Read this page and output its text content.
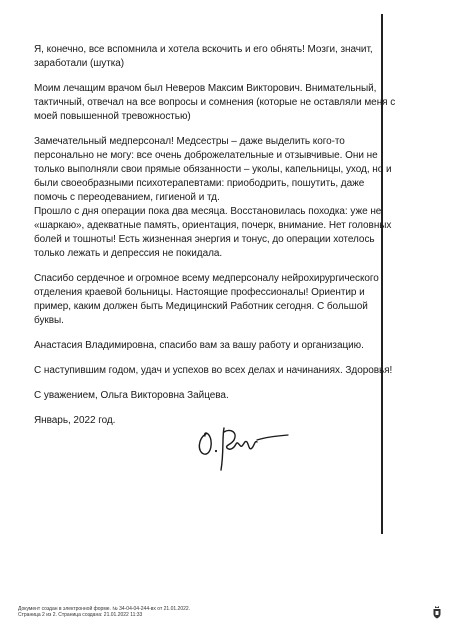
Я, конечно, все вспомнила и хотела вскочить и его обнять! Мозги, значит,
заработали (шутка)

Моим лечащим врачом был Неверов Максим Викторович. Внимательный,
тактичный, отвечал на все вопросы и сомнения (которые не оставляли меня с
моей повышенной тревожностью)

Замечательный медперсонал! Медсестры – даже выделить кого-то
персонально не могу: все очень доброжелательные и отзывчивые. Они не
только выполняли свои прямые обязанности – уколы, капельницы, уход, но и
были своеобразными психотерапевтами: приободрить, пошутить, даже
помочь с переодеванием, гигиеной и тд.

Прошло с дня операции пока два месяца. Восстановилась походка: уже не
«шаркаю», адекватные память, ориентация, почерк, внимание. Нет головных
болей и тошноты! Есть жизненная энергия и тонус, до операции хотелось
только лежать и депрессия не покидала.

Спасибо сердечное и огромное всему медперсоналу нейрохирургического
отделения краевой больницы. Настоящие профессионалы! Ориентир и
пример, каким должен быть Медицинский Работник сегодня. С большой
буквы.

Анастасия Владимировна, спасибо вам за вашу работу и организацию.

С наступившим годом, удач и успехов во всех делах и начинаниях. Здоровья!

С уважением, Ольга Викторовна Зайцева.

Январь, 2022 год.

Документ создан в электронной форме. № 34-04-04-244-вх от 21.01.2022.
Страница 2 из 2. Страница создана: 21.01.2022 11:33
